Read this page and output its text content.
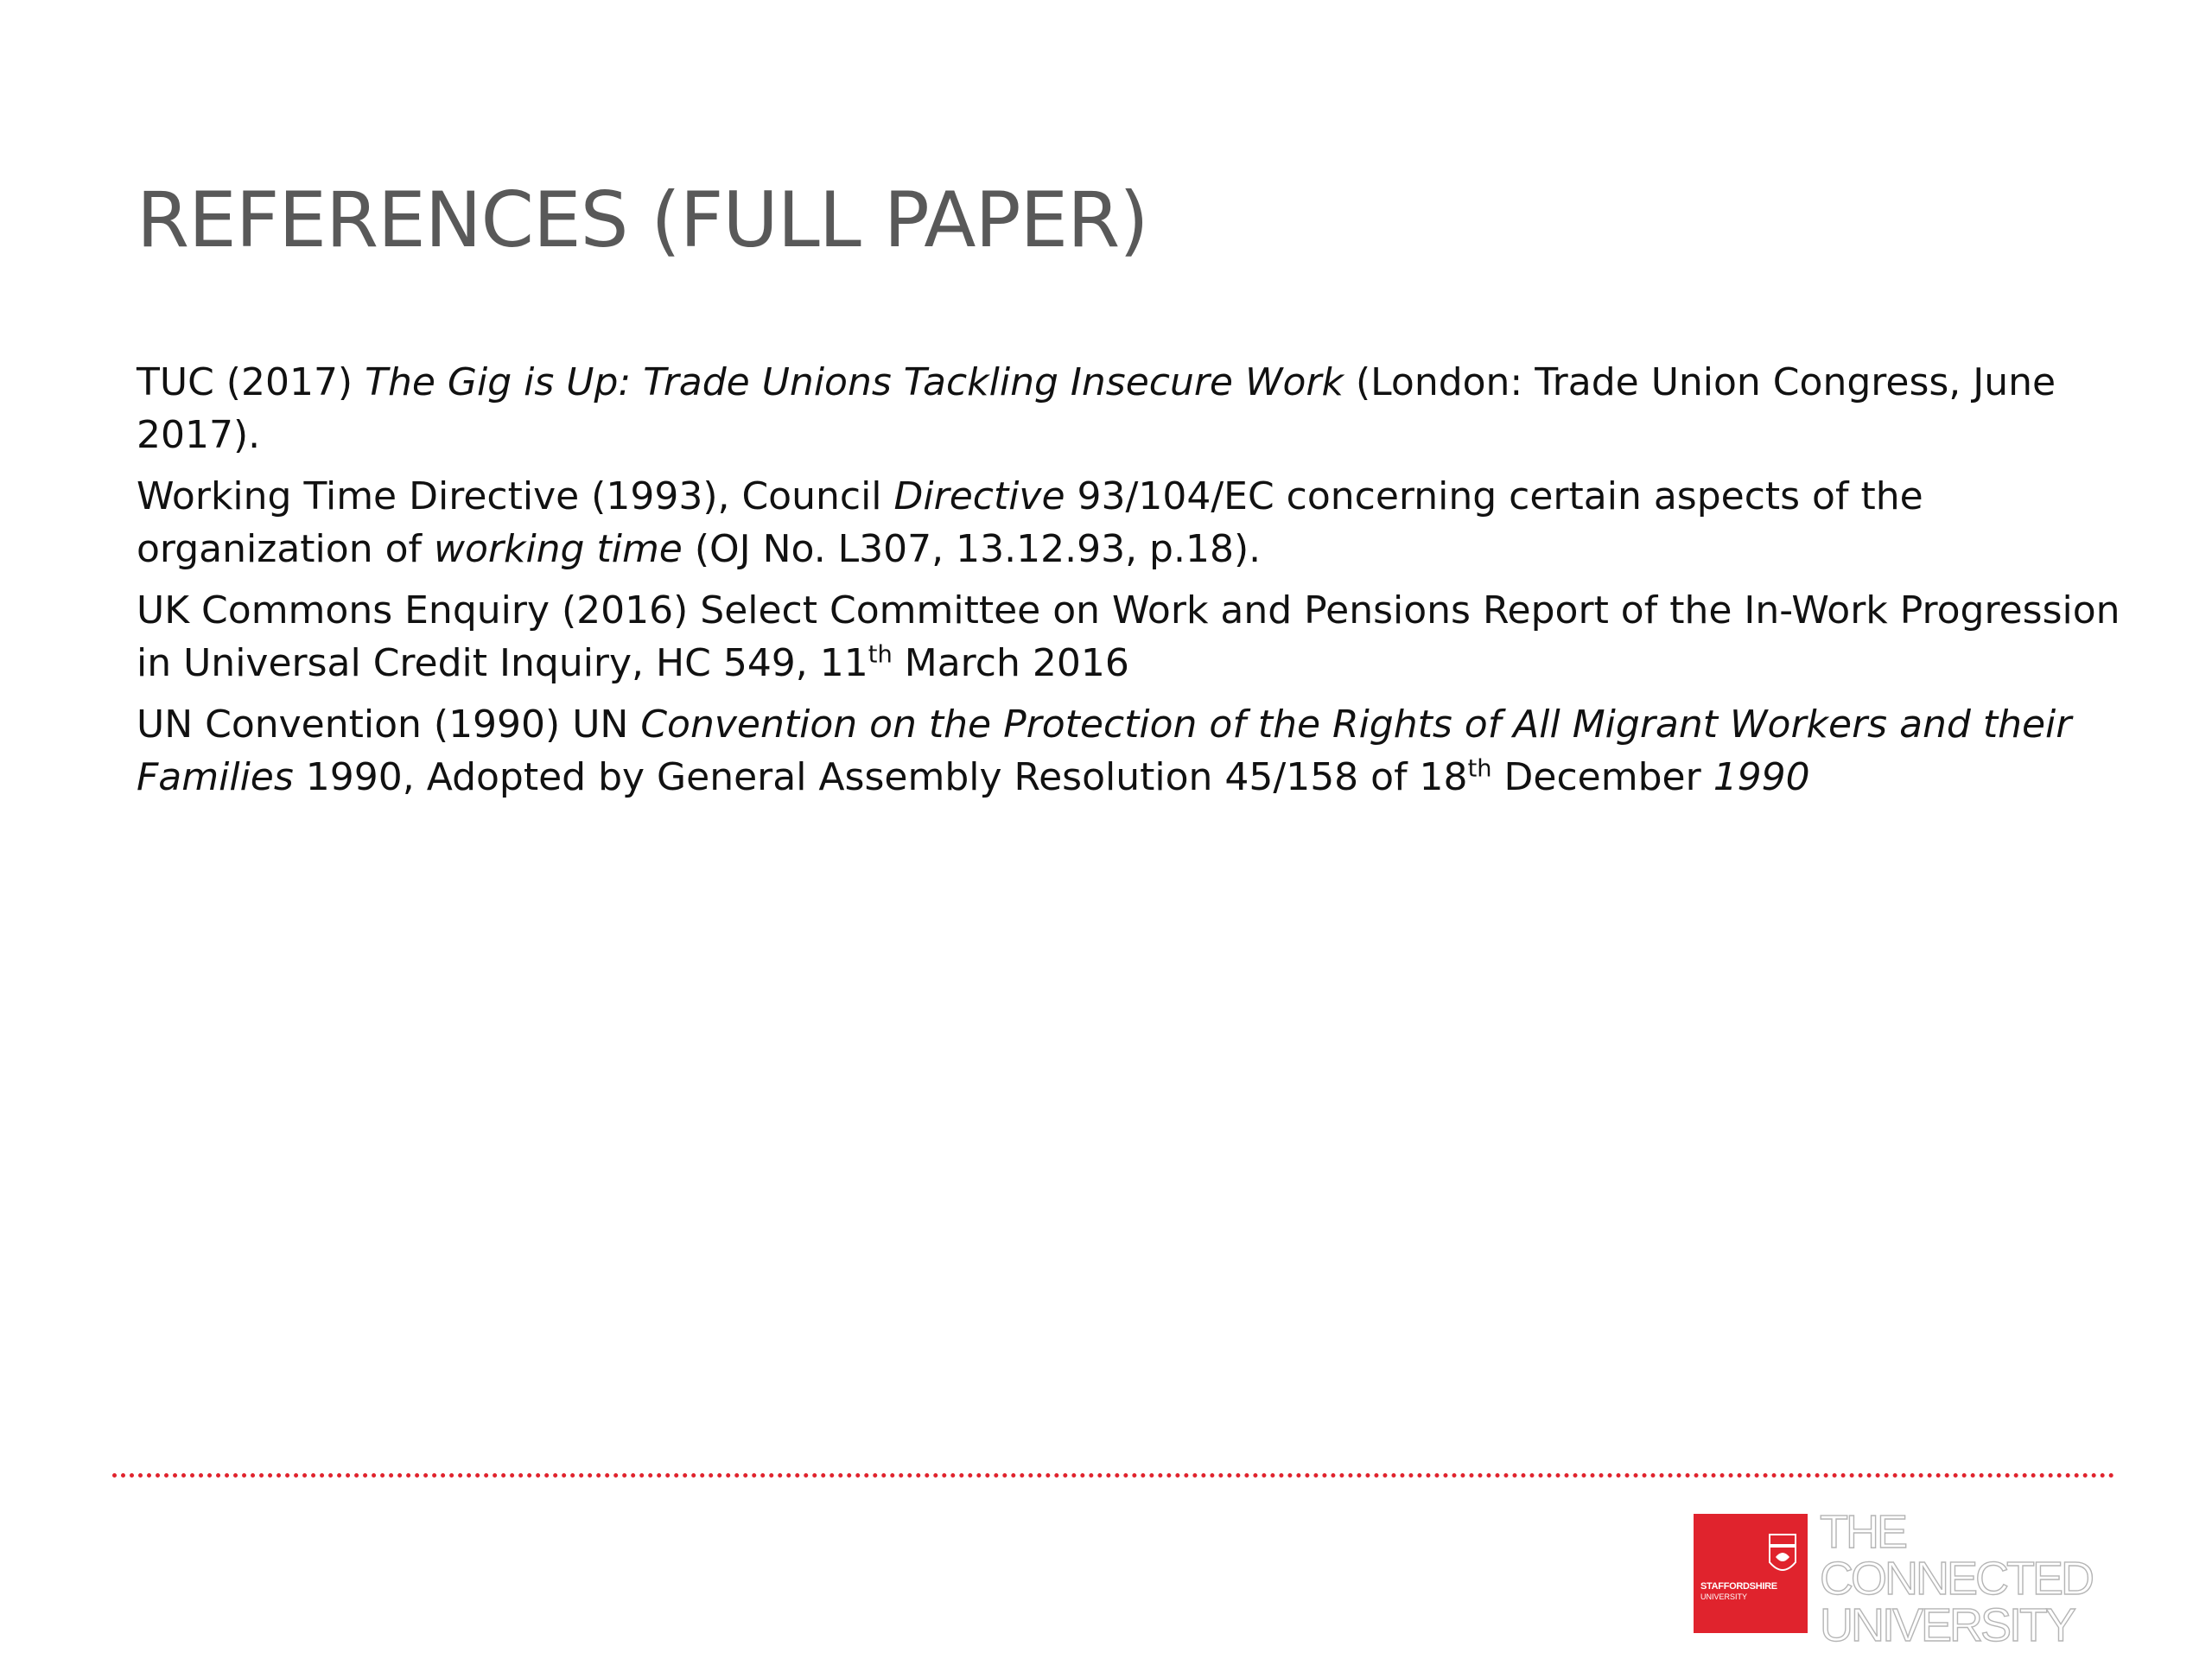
REFERENCES (FULL PAPER)

TUC (2017) The Gig is Up: Trade Unions Tackling Insecure Work (London: Trade Union Congress, June 2017).

Working Time Directive (1993), Council Directive 93/104/EC concerning certain aspects of the organization of working time (OJ No. L307, 13.12.93, p.18).

UK Commons Enquiry (2016) Select Committee on Work and Pensions Report of the In-Work Progression in Universal Credit Inquiry, HC 549, 11th March 2016

UN Convention (1990) UN Convention on the Protection of the Rights of All Migrant Workers and their Families 1990, Adopted by General Assembly Resolution 45/158 of 18th December 1990

STAFFORDSHIRE
UNIVERSITY
THE
CONNECTED
UNIVERSITY
